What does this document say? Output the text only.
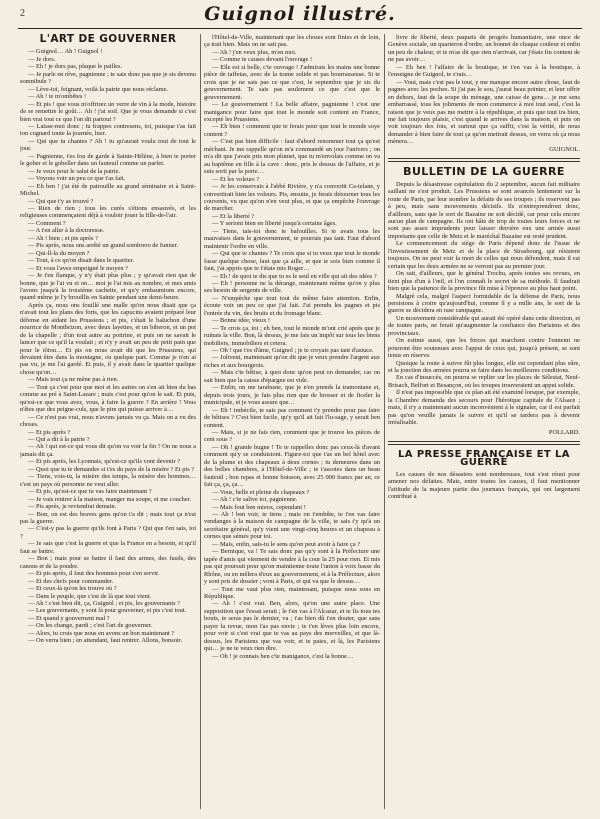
2	Guignol illustré.
L'ART DE GOUVERNER

— Guignol… Ah ! Guignol !

— Je dors.

— Eh ! je dors pas, plaque le pailles.

— Je parle en rêve, pagnienne ; te sais donc pas que je sis devenu somnibule ?

— Lève-toi, feignant, voilà la patrie que nous réclame.

— Ah ! te m'ombêtes !

— Et pis ! que vous m'offrirez un verre de vin à la mode, histoire de se remettre le goût… Ah ! j'ai soif. Que je vous demande si c'est bien vrai tout ce que l'on dit partout ?

— Laisse-moi donc ; tu frappes contresens, toi, puisque t'as fait ton cognard toute la journée, hier.

— Qui que tu chantes ? Ah ! tu qu'aurait voulu tout de tout le jour.

— Pagnienne, t'es fou de garde à Sainte-Hélène, à bien te porter le gober et le gobeller dans un fauteuil comme un parfet.

— Je veux pour le salut de la patrie.

— Voyons voir un peu ce que t'as fait.

— Eh ben ! j'ai été de patrouille au grand séminaire et à Saint-Michel.

— Qui que t'y as trouvé ?

— Rien de rien ; tous les curés s'étions ensauvés, et les religieuses commençaient déjà à vouloir jouer la fille-de-l'air.

— Comment ?

— A t'en aller à la doctoresse.

— Ah ! bien ; et pis après ?

— Pis après, nous ons arrêté un grand sombrero de fumier.

— Qui-ll-la du moyen ?

— Tout, à ce qu'on disait dans le quartier.

— Et vous l'avez empoigné le moyen ?

— Je t'en flanque, y n'y était plus plus ; y qu'avait rien que de bonne, que je l'ai vu et on… moi je l'ai mis au nombre, et mes amis l'avons jusqu'à la troisième cachette, et qu'y embaumions encore, quand même je l'y brouillis en Sainte pendant une demi-heure.

Après ça, nous ons fouillé une malle qu'on nous disait que ça n'avait tout les plans des forts, que les capucins avaient préparé leur défense en aidant les Prussiens ; et pis, c'était le baluchon d'une nourrice de Montbrizon, avec deux layettes, et un biberon, et un pot de la chapelle ; d'un tout autre au poitrine, et puis on ne savait le lancer que ce qu'il la voulait ; et n'y y avait un peu de petit pain que pour le tôtou… Et pis on nous avait dit que les Prussiens, qui devaient être dans la montagne, ou quelque part. Comme je n'en ai pas vu, je me l'ai gardé. Et puis, il y avait dans le quartier quelque chose qu'on…

— Mais tout ça ne mène pas à rien.

— Tout ça c'est pour que moi et les autres on s'en ait bien du bas comme au pré à Saint-Lazare ; mais c'est pour qu'on le sait. Et puis, qu'est-ce que vous avez, vous, à faire la guerre ? En arrière ! Vous n'êtes que des peigne-culs, que le pire qui puisse arriver à…

— Ce n'est pas vrai, nous n'avons jamais vu ça. Mais on a vu des choses.

— Et pis après ?

— Qui a dit à la patrie ?

— Ah ! qui est-ce qui vous dit qu'on va voir la fin ? On ne nous a jamais dit ça.

— Et pis après, les Lyonnais, qu'est-ce qu'ils vont devenir ?

— Quoi que tu te demandes si t'es du pays de la misère ? Et pis ?

— Tiens, vois-tu, la misère des temps, la misère des hommes… c'est un pays où personne ne veut aller.

— Et pis, qu'est-ce que tu vas faire maintenant ?

— Je vais rentrer à la maison, manger ma soupe, et me coucher.

— Pis après, je reviendrai demain.

— Bon, on est des braves gens qu'on t'a dit ; mais tout ça n'est pas la guerre.

— C'est-y pas la guerre qu'ils font à Paris ? Qui que t'en sais, toi ?

— Je sais que c'est la guerre et que la France en a besoin, et qu'il faut se battre.

— Bon ; mais pour se battre il faut des armes, des fusils, des canons et de la poudre.

— Et pis après, il faut des hommes pour s'en servir.

— Et des chefs pour commander.

— Et ceux-là qu'on les trouve où ?

— Dans le peuple, que c'est de là que tout vient.

— Ah ! c'est bien dit, ça, Guignol ; et pis, les gouvernants ?

— Les gouvernants, y sont là pour gouverner, et pis c'est tout.

— Et quand y gouvernent mal ?

— On les change, pardi ; c'est l'art de gouverner.

— Alors, tu crois que nous en avons un bon maintenant ?

— On verra bien ; en attendant, faut rentrer. Allons, bonsoir.

l'Hôtel-de-Ville, maintenant que les choses sont finies et de loin, ça irait bien. Mais on ne sait pas.

— Ah ! j'en veux plus, m'en moi.

— Comme te causes devant l'ouvrage !

— Elle est si belle, c'te ouvrage ! J'admirais les mains une bonne pièce de taffetas, avec de la trame solide et pas bourrasseuse. Si te crois que je ne sais pas ce que c'est, le septembre que je sis du gouvernement. Te sais pas seulement ce que c'est que le gouvernement.

— Le gouvernement ! La belle affaire, pagnienne ! c'est une manigance pour faire que tout le monde soit content en France, excepté les Prussiens.

— Eh bien ! comment que te ferais pour que tout le monde soye content ?

— C'est pas bien difficile : faut d'abord renommer tout ça qu'est méchant. Je me rappelle qu'on m'a commandé un jour l'univers ; on m'a dit que j'avais pris mon plumet, que tu m'envolais comme on va au baptême en fille à la cave : donc, pris le dessus de l'affaire, et je suis sorti par la porte…

— Et les voleurs ?

— Je les conservais à l'abbé Rivière, y n'a convertit Ca-telane, y convertirait bien les voleurs. Pis, ensuite, je ferais détourner tous les couvents, vu que qu'on n'en veut plus, et que ça empêche l'ouvrage de marcher.

— Et la liberté ?

— Y seriont bien en liberté jusqu'à certains âges.

— Tiens, tais-toi donc te bafouilles. Si te avais tous les mauvaises dans le gouvernement, te pourrais pas tant. Faut d'abord maintenir l'ordre en ville.

— Qui que te chantes ? Te crois que si tu veux que tout le monde fasse quelque chose, faut que ça aille, et que te sois bien comme il faut, j'ai appris que te t'étais mis Roger…

— Eh ! de quoi te dis que tu es le seul en ville qui ait des idées ?

— Eh ! personne ne la dérange, maintenant même qu'on y plus ses besoin de sergents de ville.

— N'empêche que tout tout de même faire attention. Enfin, écoute voir un peu ce que j'ai fait. J'ai prendu les pagnes et pis l'entrée du vin, des bruits et du fromage blanc.

— Bonne idée, vieux !

— Te crois ça, toi ; eh ben, tout le monde m'ont crié après que je ruinais la ville. Bon, là dessus, je me fais un impôt sur tous les biens mobiliers, immobiliers et cetera.

— Oh ! que t'es d'âme, Guignol ; je te croyais pas tant d'astuce.

— Jolivent, maintenant qu'on dit que je veux prendre l'argent aux riches et aux bourgeois.

— Mais c'te bêtise, à quoi donc qu'on peut en demander, car on sait bien que la caisse d'épargne est vide.

— Enfin, on me tarabuste, que je n'en prends la tramontane et, depuis trois jours, je fais plus rien que de brosser et de ficeler la municipale, et je vous assure que…

— Eh ! imbécile, te sais pas comment t'y prendre pour pas faire de bêtises ? C'est bien facile, qu'y qu'il ait fait l'lu-sage, y serait ben content.

— Mais, si je ne fais rien, comment que je trouve les pièces de cent sous ?

— Oh ! grande bugne ! Te te rappelles donc pas ceux-là d'avant comment qu'y se conduisiont. Figure-toi que t'as un bel hôtel avec de la plume et des chapeaux à deux cornes ; tu demeures dans un des belles chambres, à l'Hôtel-de-Ville ; te t'assoies dans un beau fauteuil ; bon repas et bonne boisson, avec 25 000 francs par an, ce fait ça, ça, ça…

— Vous, belle et pleine de chapeaux ?

— Ah ! c'te salive toi, pagnienne.

— Mais fout ben mieux, cependant !

— Ah ! ben voir, te tiens ; mais on t'embête, te t'en vas faire vendanges à la maison de campagne de la ville, te sais t'y qu'à un secrétaire général, qu'y vient une vingt-cinq heures et un chapeau à cornes que sèmes pour toi.

— Mais, enfin, sais-tu le sens qu'on peut avoir à faire ça ?

— Bernique, va ! Te sais donc pas qu'y sont à la Préfecture une tapée d'amis qui viennent de vendre à la cour la 25 pour rien. Et mis pas qui poursuit pour qu'on maintienne toute l'union à voix basse du Rhône, ou en mêlera d'eux au gouvernement, et à la Préfecture, alors y sont pris de dossier ; vont à Paris, et qui va que le dessus…

— Tout me vaut plus rien, maintenant, puisque nous sons en République.

— Ah ! c'est vrai. Ben, alors, qu'on une autre place. Une supposition que l'essai serait ; le t'en vas à l'Alcazar, et te fis tous tes bouts, te seras pas le dernier, va ; t'as bien dû t'en douter, que sans payer la revue, mon t'as pas envie ; te t'en lèves plus loin encore, pour voir si c'est vrai que te vas au pays des merveilles, et que là-dessus, les Parisiens que vas voir, et te paies, et là, les Parisiens qui… je ne te veux rien dire.

— Oh ! je connais ben c'te manigance, c'est la bonne…

livre de liberté, deux paquets de progrès humanitaire, une once de Genève sociale, un quarteron d'ordre, un bonnet de chaque couleur et enfin un peu de chaleur, et te m'as dit que rien n'arrivait, car j'étais fin content de ne pas avoir…

— Eh ben ! l'affaire de la boutique, te t'en vas à la boutique, à l'enseigne de Guignol, te s'rais…

— Voui, mais c'est pas le tout, y me manque encore autre chose, faut de pagnes avec les poches. Si j'ai pas le sou, j'aurai beau pointer, et leur offrir en dehors, faut de la soupe du ménage, une caisse de gens… je me sens embarrassé, tous les joliments de mon commerce à moi tout seul, c'est la raison que je veux pas me mettre à la république, et puis que tout ira bien, me fait toujours plaisir, c'est quand te arrives dans la maison, et puis on voit toujours des fois, et surtout que ça suffit, c'est la vérité, de nous demander à bien faire de tout ça qu'on mettrait dessus, on verra où ça nous mènera…

GUIGNOL.

BULLETIN DE LA GUERRE

Depuis la désastreuse capitulation du 2 septembre, aucun fait militaire saillant ne s'est produit. Les Prussiens se sont avancés lentement sur la route de Paris, par leur nombre la défaite de ses troupes ; ils reservent pas à peu, mais sans mouvements décisifs. Ils n'entreprendront donc, d'ailleurs, sans que le sort de Bazaine ne soit décidé, car pour cela encore aucun plan de campagne. Ils ont hâte de trop de toutes leurs forces et ne sont pas assez imprudents pour laisser derrière eux une armée aussi importante que celle de Metz et le maréchal Bazaine est resté prudent.

Le commencement du siège de Paris dépend donc de l'issue de l'investissement de Metz et de la place de Strasbourg, qui résistent toujours. On ne peut voir la mort de celles qui nous défendent, mais il est certain que les deux armées ne se verront pas au premier jour.

On sait, d'ailleurs, que le général Trochu, après toutes ses revues, en tient plus d'un à l'œil, et l'on connaît le secret de sa méthode. Il faudrait bien que la patience de la province fût mise à l'épreuve au plus haut point.

Malgré cela, malgré l'aspect formidable de la défense de Paris, nous persistons à croire qu'aujourd'hui, comme il y a mille ans, le sort de la guerre se décidera en rase campagne.

Un mouvement considérable qui aurait été opéré dans cette direction, et de toutes parts, ne ferait qu'augmenter la confiance des Parisiens et des provinciaux.

On estime aussi, que les forces qui marchent contre l'ennemi ne pourront être soutenues avec l'appui de ceux qui, jusqu'à présent, se sont tenus en réserve.

Quoique la route à suivre fût plus longue, elle est cependant plus sûre, et la jonction des armées pourra se faire dans les meilleures conditions.

En cas d'insuccès, on pourra se replier sur les places de Sélestat, Neuf-Brisach, Belfort et Besançon, où les troupes trouveraient un appui solide.

Il n'est pas impossible que ce plan ait été examiné lorsque, par exemple, la Chambre demanda des secours pour l'héroïque capitale de l'Alsace ; mais, il n'y a maintenant aucun inconvénient à le signaler, car il est parfait pas qu'on veuille jamais le suivre et qu'il se tardera pas à devenir irréalisable.

POLLARD.
LA PRESSE FRANÇAISE ET LA GUERRE

Les causes de nos désastres sont nombreuses, tout s'est réuni pour amener nos défaites. Mais, entre toutes les causes, il faut mentionner l'attitude de la majeure partie des journaux français, qui ont largement contribué à
